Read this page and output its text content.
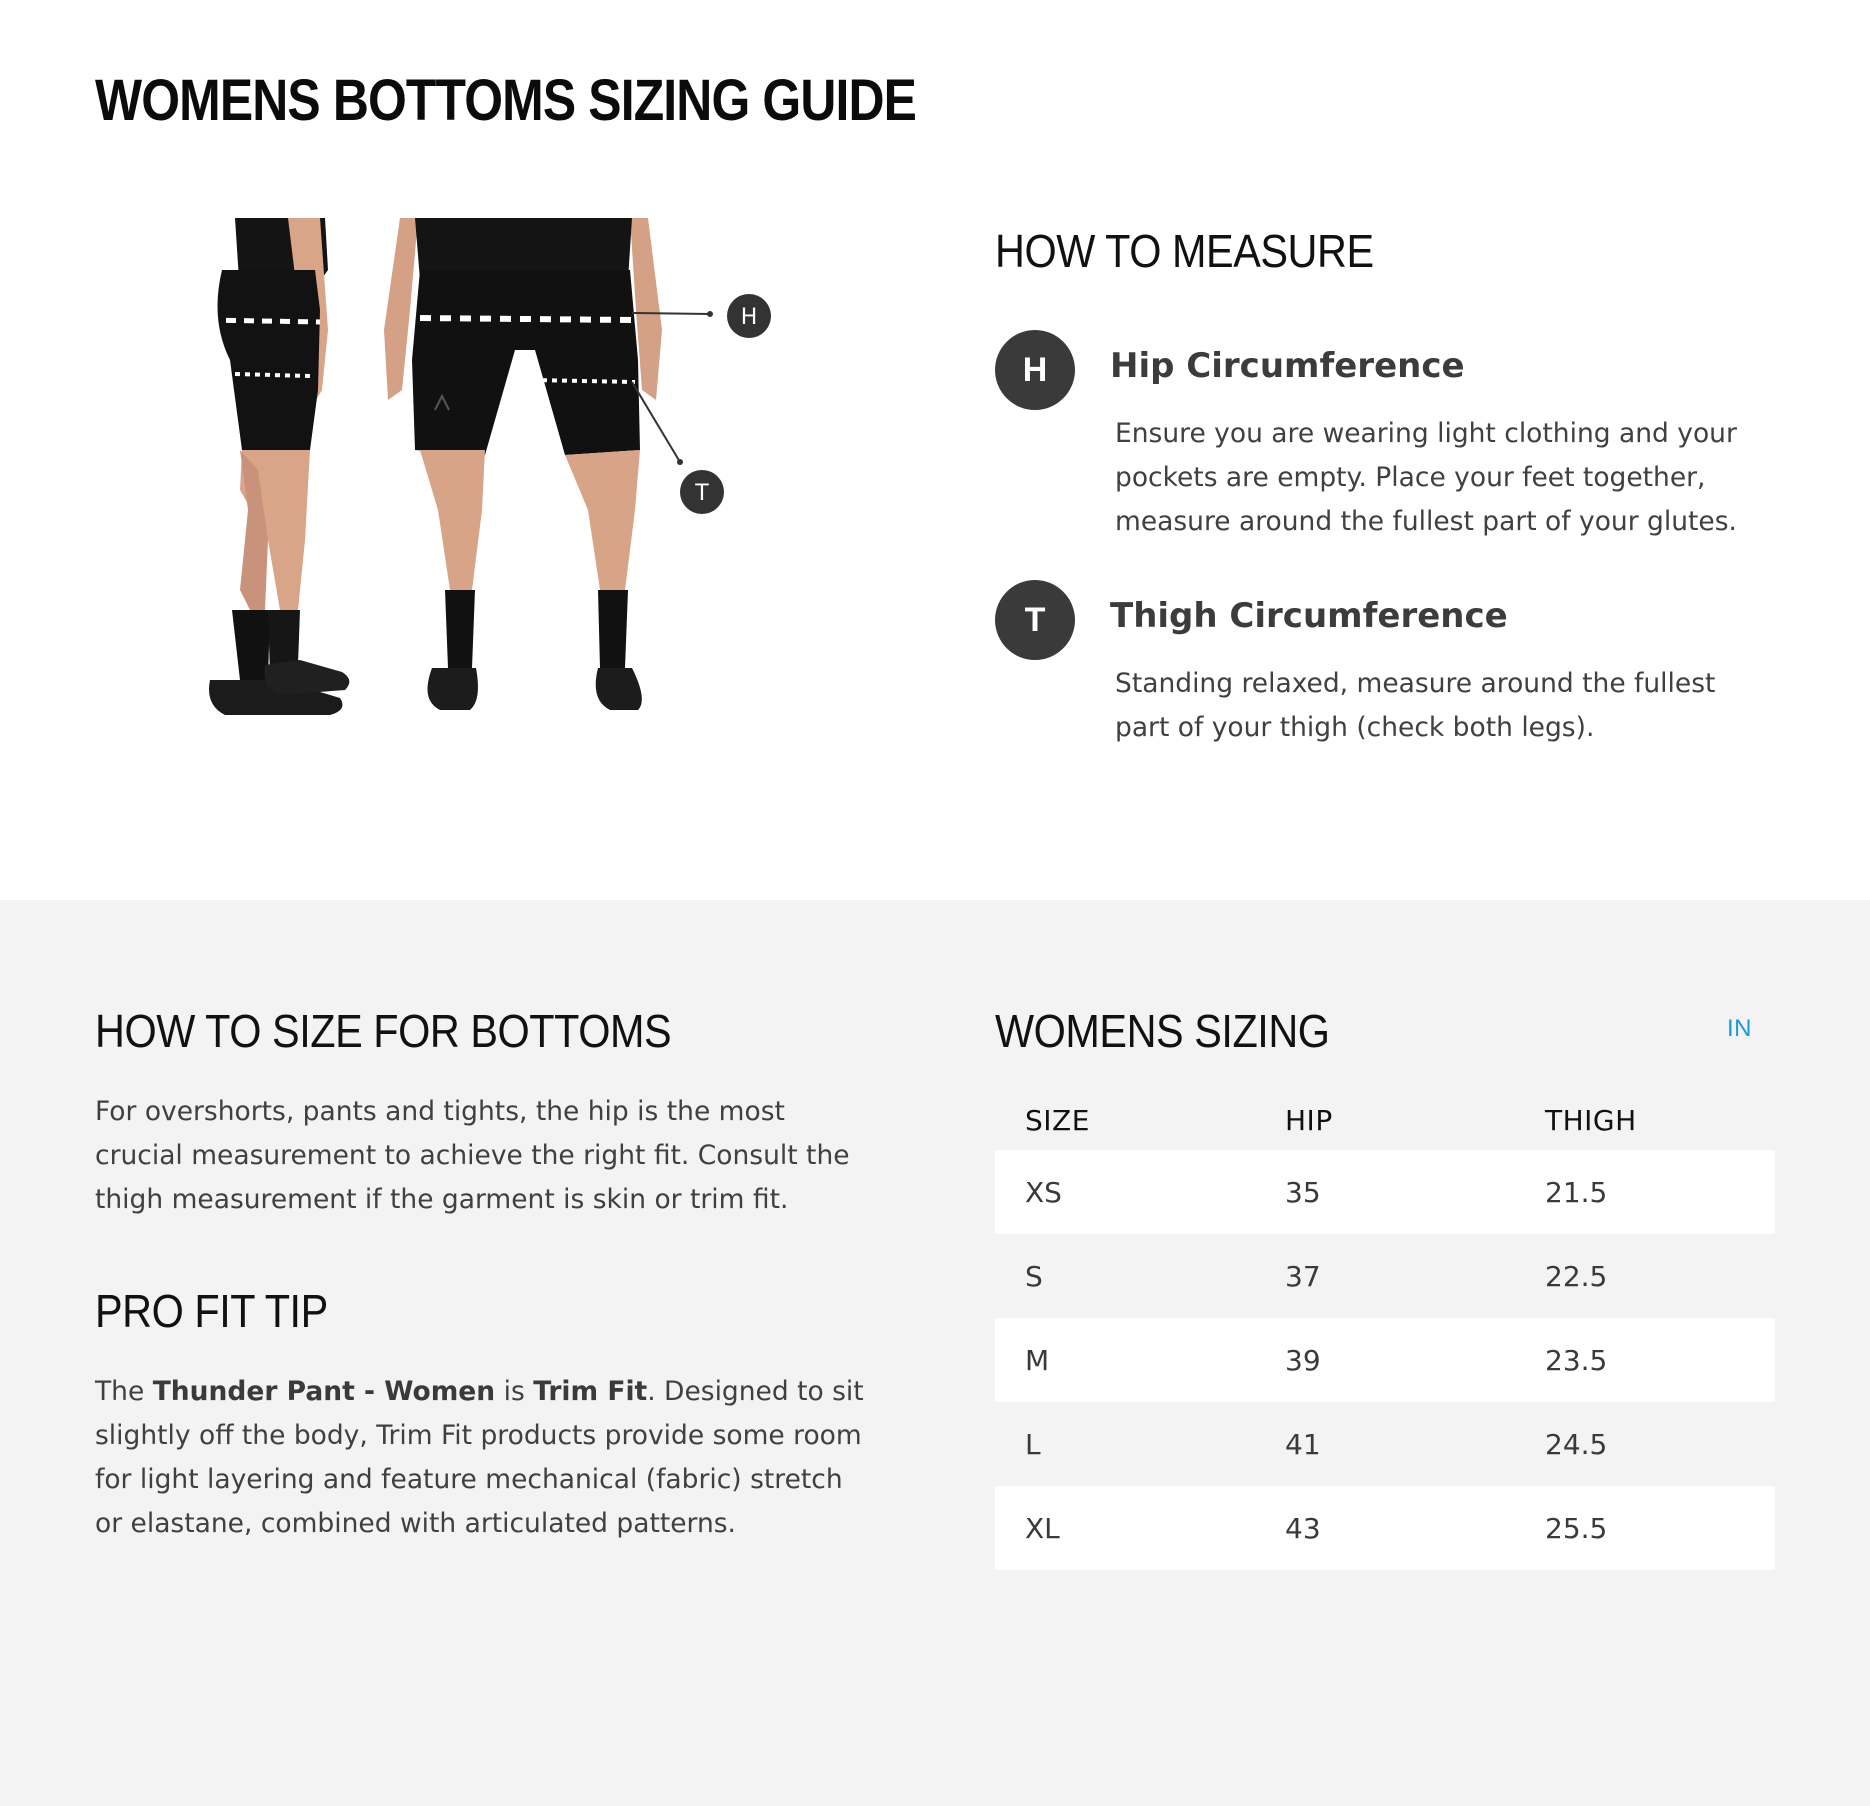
WOMENS BOTTOMS SIZING GUIDE
H
T
HOW TO MEASURE
H	Hip Circumference

Ensure you are wearing light clothing and your pockets are empty. Place your feet together, measure around the fullest part of your glutes.

T	Thigh Circumference

Standing relaxed, measure around the fullest part of your thigh (check both legs).

HOW TO SIZE FOR BOTTOMS

For overshorts, pants and tights, the hip is the most crucial measurement to achieve the right fit. Consult the thigh measurement if the garment is skin or trim fit.

PRO FIT TIP

The Thunder Pant - Women is Trim Fit. Designed to sit slightly off the body, Trim Fit products provide some room for light layering and feature mechanical (fabric) stretch or elastane, combined with articulated patterns.

WOMENS SIZING	IN
SIZE	HIP	THIGH
XS	35	21.5
S	37	22.5
M	39	23.5
L	41	24.5
XL	43	25.5
